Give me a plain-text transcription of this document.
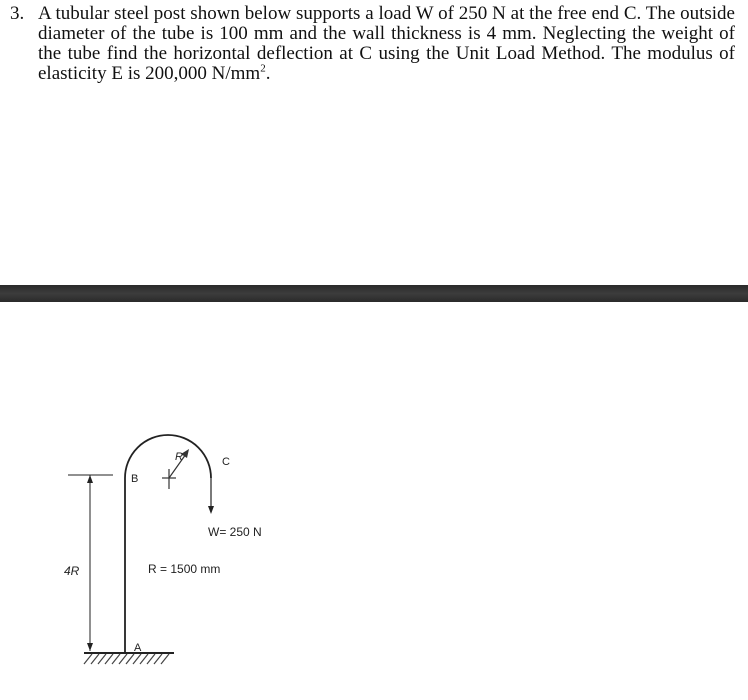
3. A tubular steel post shown below supports a load W of 250 N at the free end C. The outside diameter of the tube is 100 mm and the wall thickness is 4 mm. Neglecting the weight of the tube find the horizontal deflection at C using the Unit Load Method. The modulus of elasticity E is 200,000 $N/mm^2$.
R
B
C
W= 250 N
4R	R = 1500 mm
A
